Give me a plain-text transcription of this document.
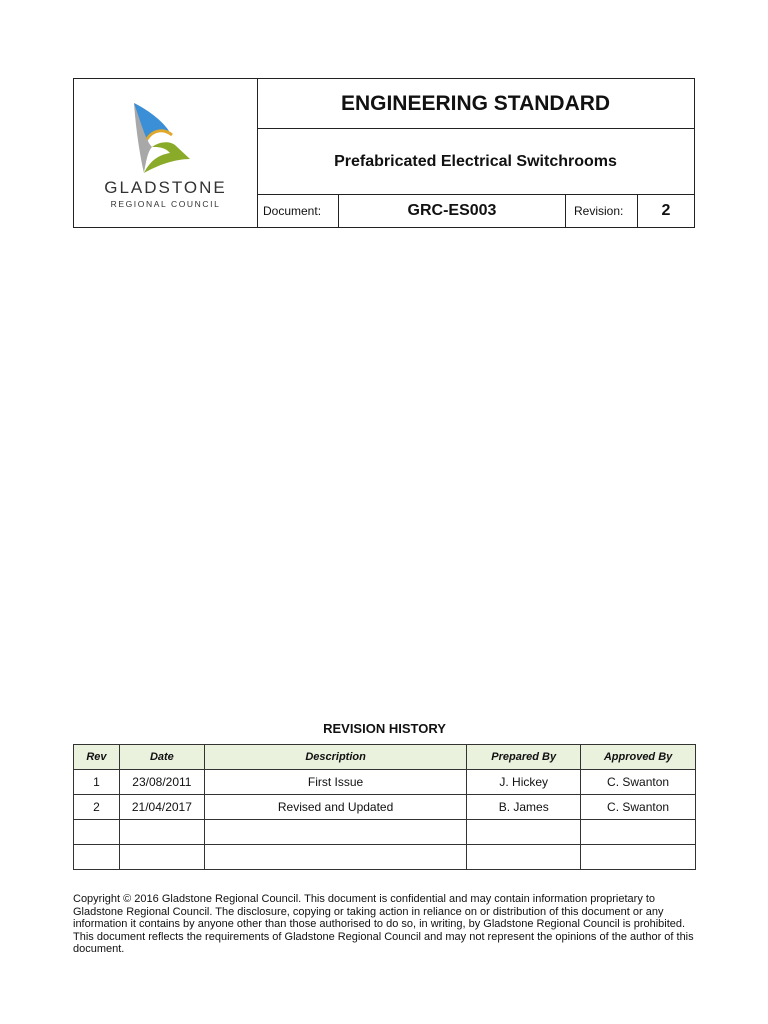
GLADSTONE
REGIONAL COUNCIL
ENGINEERING STANDARD
Prefabricated Electrical Switchrooms
Document:	GRC-ES003	Revision:	2
REVISION HISTORY
Rev	Date	Description	Prepared By	Approved By
1	23/08/2011	First Issue	J. Hickey	C. Swanton
2	21/04/2017	Revised and Updated	B. James	C. Swanton

Copyright © 2016 Gladstone Regional Council. This document is confidential and may contain information proprietary to Gladstone Regional Council. The disclosure, copying or taking action in reliance on or distribution of this document or any information it contains by anyone other than those authorised to do so, in writing, by Gladstone Regional Council is prohibited. This document reflects the requirements of Gladstone Regional Council and may not represent the opinions of the author of this document.
